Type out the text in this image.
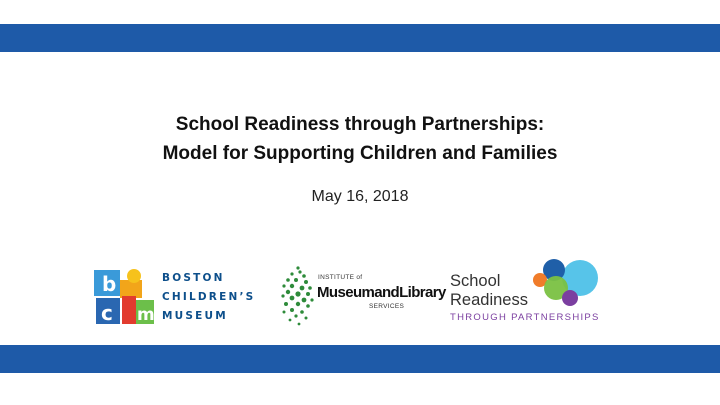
School Readiness through Partnerships:
Model for Supporting Children and Families
May 16, 2018
b
c m
BOSTON
CHILDREN’S
MUSEUM
INSTITUTE of
MuseumandLibrary
SERVICES
School
Readiness
THROUGH PARTNERSHIPS
